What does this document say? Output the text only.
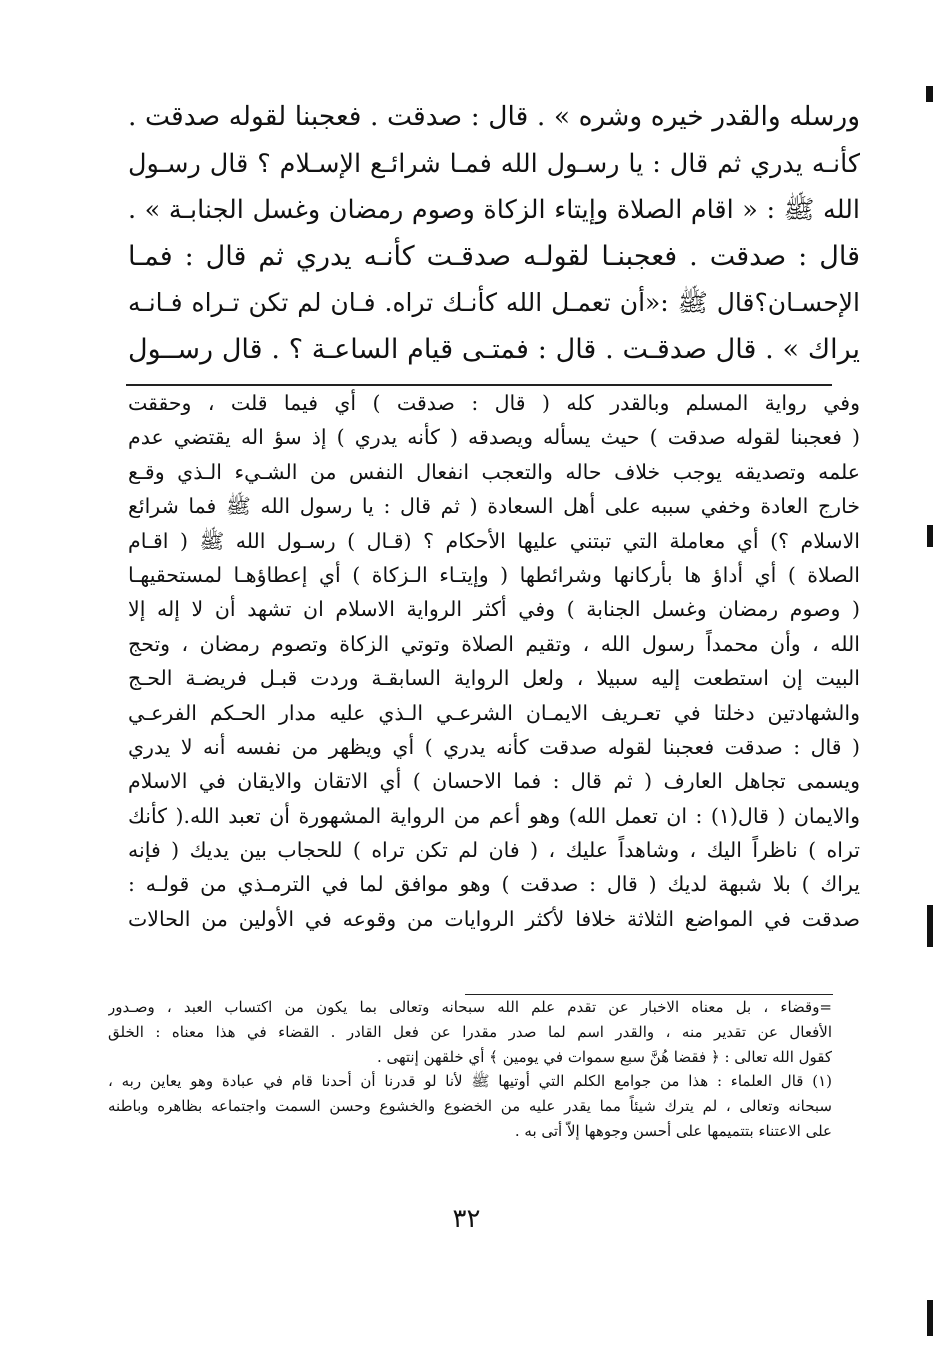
ورسله والقدر خيره وشره » . قال : صدقت . فعجبنا لقوله صدقت .
كأنـه يدري ثم قال : يا رسـول الله فمـا شرائـع الإسـلام ؟ قال رسـول
الله ﷺ : « اقام الصلاة وإيتاء الزكاة وصوم رمضان وغسل الجنابـة » .
قال : صدقت . فعجبنـا لقولـه صدقـت كأنـه يدري ثم قال : فمـا
الإحسـان؟قال ﷺ :«أن تعمـل الله كأنـك تراه. فـان لم تكن تـراه فـانـه
يراك » . قال صدقـت . قال : فمتـى قيام الساعـة ؟ . قال رســول
وفي رواية المسلم وبالقدر كله ( قال : صدقت ) أي فيما قلت ، وحققت
( فعجبنا لقوله صدقت ) حيث يسأله ويصدقه ( كأنه يدري ) إذ سؤ اله يقتضي عدم
علمه وتصديقه يوجب خلاف حاله والتعجب انفعال النفس من الشـيء الـذي وقـع
خارج العادة وخفي سببه على أهل السعادة ( ثم قال : يا رسول الله ﷺ فما شرائع
الاسلام ؟) أي معاملة التي تبتني عليها الأحكام ؟ (قـال ) رسـول الله ﷺ ( اقـام
الصلاة ) أي أداؤ ها بأركانها وشرائطها ( وإيتـاء الـزكاة ) أي إعطاؤهـا لمستحقيهـا
( وصوم رمضان وغسل الجنابة ) وفي أكثر الرواية الاسلام ان تشهد أن لا إله إلا
الله ، وأن محمداً رسول الله ، وتقيم الصلاة وتوتي الزكاة وتصوم رمضان ، وتحج
البيت إن استطعت إليه سبيلا ، ولعل الرواية السابقـة وردت قبـل فريضـة الحـج
والشهادتين دخلتا في تعـريف الايمـان الشرعـي الـذي عليه مدار الحـكم الفرعـي
( قال : صدقت فعجبنا لقوله صدقت كأنه يدري ) أي ويظهر من نفسه أنه لا يدري
ويسمى تجاهل العارف ( ثم قال : فما الاحسان ) أي الاتقان والايقان في الاسلام
والايمان ( قال(١) : ان تعمل الله) وهو أعم من الرواية المشهورة أن تعبد الله.( كأنك
تراه ) ناظراً اليك ، وشاهداً عليك ، ( فان لم تكن تراه ) للحجاب بين يديك ( فإنه
يراك ) بلا شبهة لديك ( قال : صدقت ) وهو موافق لما في الترمـذي من قولـه :
صدقت في المواضع الثلاثة خلافا لأكثر الروايات من وقوعه في الأولين من الحالات
=وقضاء ، بل معناه الاخبار عن تقدم علم الله سبحانه وتعالى بما يكون من اكتساب العبد ، وصـدور
الأفعال عن تقدير منه ، والقدر اسم لما صدر مقدرا عن فعل القادر . القضاء في هذا معناه : الخلق
كقول الله تعالى : ﴿ فقضا هُنَّ سبع سموات في يومين ﴾ أي خلقهن إنتهى .
(١) قال العلماء : هذا من جوامع الكلم التي أوتيها ﷺ لأنا لو قدرنا أن أحدنا قام في عبادة وهو يعاين ربه ،
سبحانه وتعالى ، لم يترك شيئاً مما يقدر عليه من الخضوع والخشوع وحسن السمت واجتماعه بظاهره وباطنه
على الاعتناء بتتميمها على أحسن وجوهها إلاّ أتى به .
٣٢
